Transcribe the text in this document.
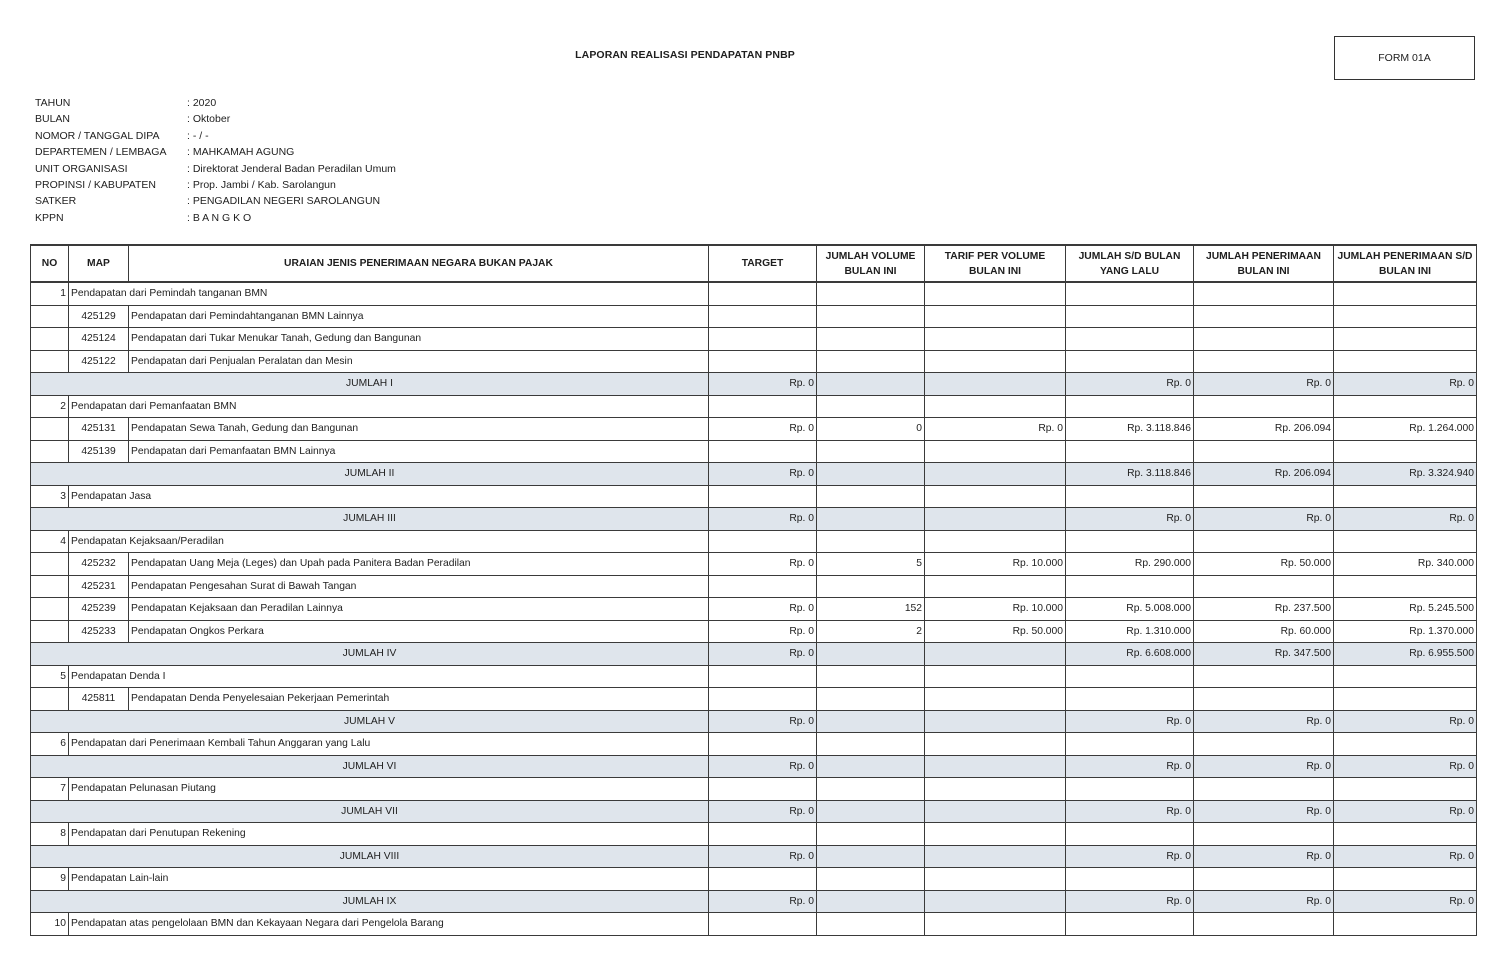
LAPORAN REALISASI PENDAPATAN PNBP	FORM 01A
TAHUN	: 2020
BULAN	: Oktober
NOMOR / TANGGAL DIPA	: - / -
DEPARTEMEN / LEMBAGA	: MAHKAMAH AGUNG
UNIT ORGANISASI	: Direktorat Jenderal Badan Peradilan Umum
PROPINSI / KABUPATEN	: Prop. Jambi / Kab. Sarolangun
SATKER	: PENGADILAN NEGERI SAROLANGUN
KPPN	: B A N G K O
NO	MAP	URAIAN JENIS PENERIMAAN NEGARA BUKAN PAJAK	TARGET	JUMLAH VOLUME BULAN INI	TARIF PER VOLUME BULAN INI	JUMLAH S/D BULAN YANG LALU	JUMLAH PENERIMAAN BULAN INI	JUMLAH PENERIMAAN S/D BULAN INI
1	Pendapatan dari Pemindah tanganan BMN							
	425129	Pendapatan dari Pemindahtanganan BMN Lainnya						
	425124	Pendapatan dari Tukar Menukar Tanah, Gedung dan Bangunan						
	425122	Pendapatan dari Penjualan Peralatan dan Mesin						
JUMLAH I			Rp. 0			Rp. 0	Rp. 0	Rp. 0
2	Pendapatan dari Pemanfaatan BMN							
	425131	Pendapatan Sewa Tanah, Gedung dan Bangunan	Rp. 0	0	Rp. 0	Rp. 3.118.846	Rp. 206.094	Rp. 1.264.000
	425139	Pendapatan dari Pemanfaatan BMN Lainnya						
JUMLAH II			Rp. 0			Rp. 3.118.846	Rp. 206.094	Rp. 3.324.940
3	Pendapatan Jasa							
JUMLAH III			Rp. 0			Rp. 0	Rp. 0	Rp. 0
4	Pendapatan Kejaksaan/Peradilan							
	425232	Pendapatan Uang Meja (Leges) dan Upah pada Panitera Badan Peradilan	Rp. 0	5	Rp. 10.000	Rp. 290.000	Rp. 50.000	Rp. 340.000
	425231	Pendapatan Pengesahan Surat di Bawah Tangan						
	425239	Pendapatan Kejaksaan dan Peradilan Lainnya	Rp. 0	152	Rp. 10.000	Rp. 5.008.000	Rp. 237.500	Rp. 5.245.500
	425233	Pendapatan Ongkos Perkara	Rp. 0	2	Rp. 50.000	Rp. 1.310.000	Rp. 60.000	Rp. 1.370.000
JUMLAH IV			Rp. 0			Rp. 6.608.000	Rp. 347.500	Rp. 6.955.500
5	Pendapatan Denda I							
	425811	Pendapatan Denda Penyelesaian Pekerjaan Pemerintah						
JUMLAH V			Rp. 0			Rp. 0	Rp. 0	Rp. 0
6	Pendapatan dari Penerimaan Kembali Tahun Anggaran yang Lalu							
JUMLAH VI			Rp. 0			Rp. 0	Rp. 0	Rp. 0
7	Pendapatan Pelunasan Piutang							
JUMLAH VII			Rp. 0			Rp. 0	Rp. 0	Rp. 0
8	Pendapatan dari Penutupan Rekening							
JUMLAH VIII			Rp. 0			Rp. 0	Rp. 0	Rp. 0
9	Pendapatan Lain-lain							
JUMLAH IX			Rp. 0			Rp. 0	Rp. 0	Rp. 0
10	Pendapatan atas pengelolaan BMN dan Kekayaan Negara dari Pengelola Barang							
